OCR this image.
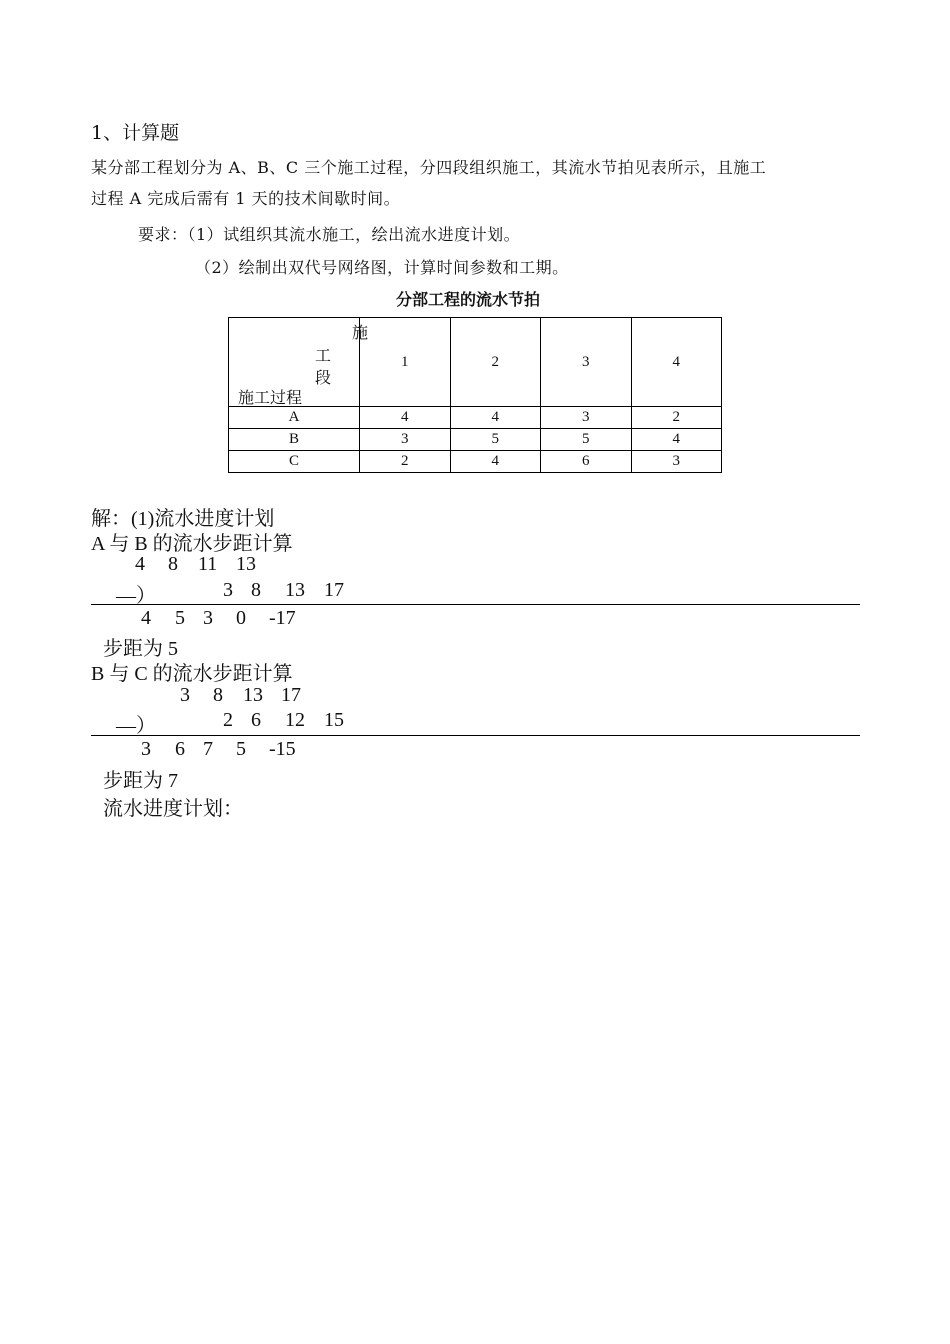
1、计算题
某分部工程划分为 A、B、C 三个施工过程，分四段组织施工，其流水节拍见表所示，且施工
过程 A 完成后需有 1 天的技术间歇时间。
要求：（1）试组织其流水施工，绘出流水进度计划。
（2）绘制出双代号网络图，计算时间参数和工期。
分部工程的流水节拍
施
工
段
施工过程	1	2	3	4
A	4	4	3	2
B	3	5	5	4
C	2	4	6	3
解：(1)流水进度计划
A 与 B 的流水步距计算
4 8 11 13
—）	3 8 13 17
4 5 3 0 -17
步距为 5
B 与 C 的流水步距计算
3 8 13 17
—）	2 6 12 15
3 6 7 5 -15
步距为 7
流水进度计划：
